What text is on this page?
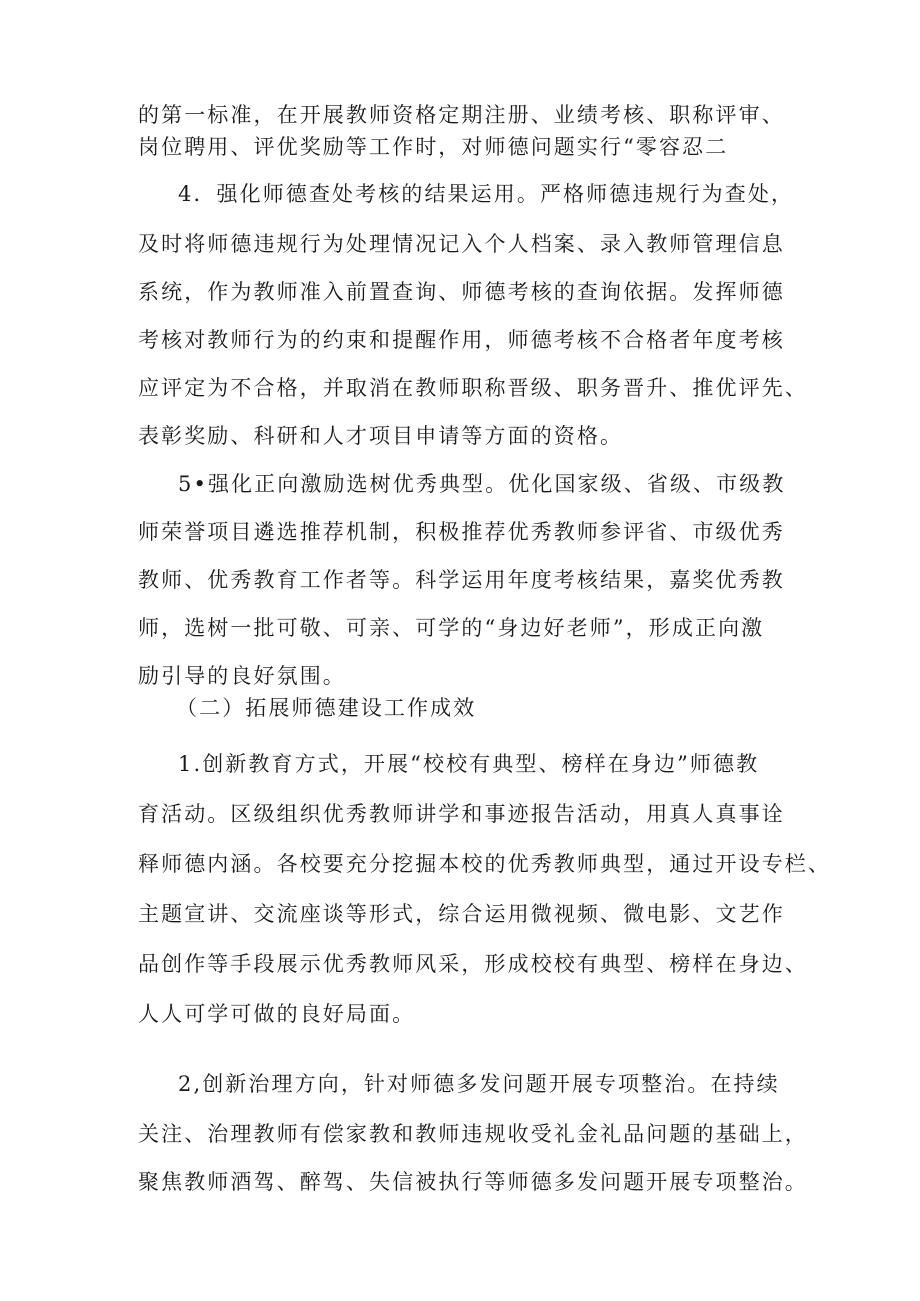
的第一标准，在开展教师资格定期注册、业绩考核、职称评审、
岗位聘用、评优奖励等工作时，对师德问题实行“零容忍二
4．强化师德查处考核的结果运用。严格师德违规行为查处，
及时将师德违规行为处理情况记入个人档案、录入教师管理信息
系统，作为教师准入前置查询、师德考核的查询依据。发挥师德
考核对教师行为的约束和提醒作用，师德考核不合格者年度考核
应评定为不合格，并取消在教师职称晋级、职务晋升、推优评先、
表彰奖励、科研和人才项目申请等方面的资格。
5•强化正向激励选树优秀典型。优化国家级、省级、市级教
师荣誉项目遴选推荐机制，积极推荐优秀教师参评省、市级优秀
教师、优秀教育工作者等。科学运用年度考核结果，嘉奖优秀教
师，选树一批可敬、可亲、可学的“身边好老师”，形成正向激
励引导的良好氛围。
（二）拓展师德建设工作成效
1.创新教育方式，开展“校校有典型、榜样在身边”师德教
育活动。区级组织优秀教师讲学和事迹报告活动，用真人真事诠
释师德内涵。各校要充分挖掘本校的优秀教师典型，通过开设专栏、
主题宣讲、交流座谈等形式，综合运用微视频、微电影、文艺作
品创作等手段展示优秀教师风采，形成校校有典型、榜样在身边、
人人可学可做的良好局面。
2,创新治理方向，针对师德多发问题开展专项整治。在持续
关注、治理教师有偿家教和教师违规收受礼金礼品问题的基础上，
聚焦教师酒驾、醉驾、失信被执行等师德多发问题开展专项整治。
